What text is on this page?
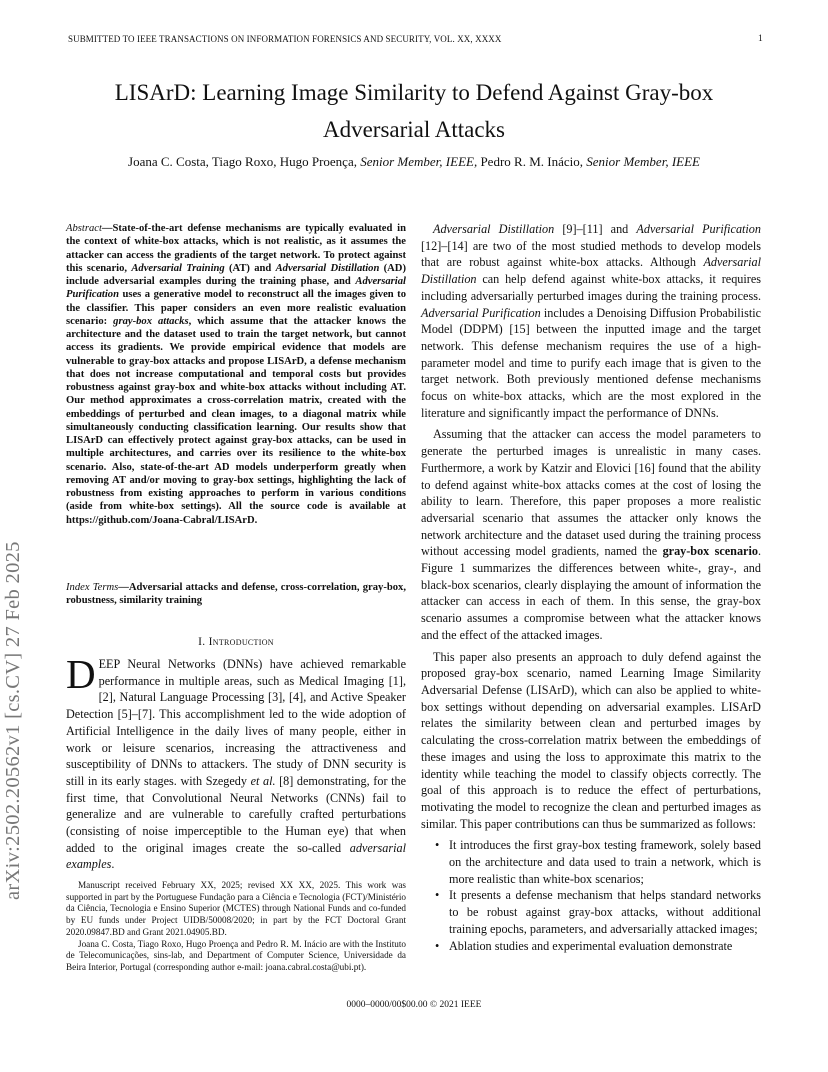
SUBMITTED TO IEEE TRANSACTIONS ON INFORMATION FORENSICS AND SECURITY, VOL. XX, XXXX	1
LISArD: Learning Image Similarity to Defend Against Gray-box
Adversarial Attacks
Joana C. Costa, Tiago Roxo, Hugo Proença, Senior Member, IEEE, Pedro R. M. Inácio, Senior Member, IEEE
arXiv:2502.20562v1 [cs.CV] 27 Feb 2025
Abstract—State-of-the-art defense mechanisms are typically evaluated in the context of white-box attacks, which is not realistic, as it assumes the attacker can access the gradients of the target network. To protect against this scenario, Adversarial Training (AT) and Adversarial Distillation (AD) include adversarial examples during the training phase, and Adversarial Purification uses a generative model to reconstruct all the images given to the classifier. This paper considers an even more realistic evaluation scenario: gray-box attacks, which assume that the attacker knows the architecture and the dataset used to train the target network, but cannot access its gradients. We provide empirical evidence that models are vulnerable to gray-box attacks and propose LISArD, a defense mechanism that does not increase computational and temporal costs but provides robustness against gray-box and white-box attacks without including AT. Our method approximates a cross-correlation matrix, created with the embeddings of perturbed and clean images, to a diagonal matrix while simultaneously conducting classification learning. Our results show that LISArD can effectively protect against gray-box attacks, can be used in multiple architectures, and carries over its resilience to the white-box scenario. Also, state-of-the-art AD models underperform greatly when removing AT and/or moving to gray-box settings, highlighting the lack of robustness from existing approaches to perform in various conditions (aside from white-box settings). All the source code is available at https://github.com/Joana-Cabral/LISArD.
Index Terms—Adversarial attacks and defense, cross-correlation, gray-box, robustness, similarity training
I. Introduction
DEEP Neural Networks (DNNs) have achieved remarkable performance in multiple areas, such as Medical Imaging [1], [2], Natural Language Processing [3], [4], and Active Speaker Detection [5]–[7]. This accomplishment led to the wide adoption of Artificial Intelligence in the daily lives of many people, either in work or leisure scenarios, increasing the attractiveness and susceptibility of DNNs to attackers. The study of DNN security is still in its early stages. with Szegedy et al. [8] demonstrating, for the first time, that Convolutional Neural Networks (CNNs) fail to generalize and are vulnerable to carefully crafted perturbations (consisting of noise imperceptible to the Human eye) that when added to the original images create the so-called adversarial examples.

Manuscript received February XX, 2025; revised XX XX, 2025. This work was supported in part by the Portuguese Fundação para a Ciência e Tecnologia (FCT)/Ministério da Ciência, Tecnologia e Ensino Superior (MCTES) through National Funds and co-funded by EU funds under Project UIDB/50008/2020; in part by the FCT Doctoral Grant 2020.09847.BD and Grant 2021.04905.BD.

Joana C. Costa, Tiago Roxo, Hugo Proença and Pedro R. M. Inácio are with the Instituto de Telecomunicações, sins-lab, and Department of Computer Science, Universidade da Beira Interior, Portugal (corresponding author e-mail: joana.cabral.costa@ubi.pt).

Adversarial Distillation [9]–[11] and Adversarial Purification [12]–[14] are two of the most studied methods to develop models that are robust against white-box attacks. Although Adversarial Distillation can help defend against white-box attacks, it requires including adversarially perturbed images during the training process. Adversarial Purification includes a Denoising Diffusion Probabilistic Model (DDPM) [15] between the inputted image and the target network. This defense mechanism requires the use of a high-parameter model and time to purify each image that is given to the target network. Both previously mentioned defense mechanisms focus on white-box attacks, which are the most explored in the literature and significantly impact the performance of DNNs.

Assuming that the attacker can access the model parameters to generate the perturbed images is unrealistic in many cases. Furthermore, a work by Katzir and Elovici [16] found that the ability to defend against white-box attacks comes at the cost of losing the ability to learn. Therefore, this paper proposes a more realistic adversarial scenario that assumes the attacker only knows the network architecture and the dataset used during the training process without accessing model gradients, named the gray-box scenario. Figure 1 summarizes the differences between white-, gray-, and black-box scenarios, clearly displaying the amount of information the attacker can access in each of them. In this sense, the gray-box scenario assumes a compromise between what the attacker knows and the effect of the attacked images.

This paper also presents an approach to duly defend against the proposed gray-box scenario, named Learning Image Similarity Adversarial Defense (LISArD), which can also be applied to white-box settings without depending on adversarial examples. LISArD relates the similarity between clean and perturbed images by calculating the cross-correlation matrix between the embeddings of these images and using the loss to approximate this matrix to the identity while teaching the model to classify objects correctly. The goal of this approach is to reduce the effect of perturbations, motivating the model to recognize the clean and perturbed images as similar. This paper contributions can thus be summarized as follows:

• It introduces the first gray-box testing framework, solely based on the architecture and data used to train a network, which is more realistic than white-box scenarios;
• It presents a defense mechanism that helps standard networks to be robust against gray-box attacks, without additional training epochs, parameters, and adversarially attacked images;
• Ablation studies and experimental evaluation demonstrate
0000–0000/00$00.00 © 2021 IEEE
